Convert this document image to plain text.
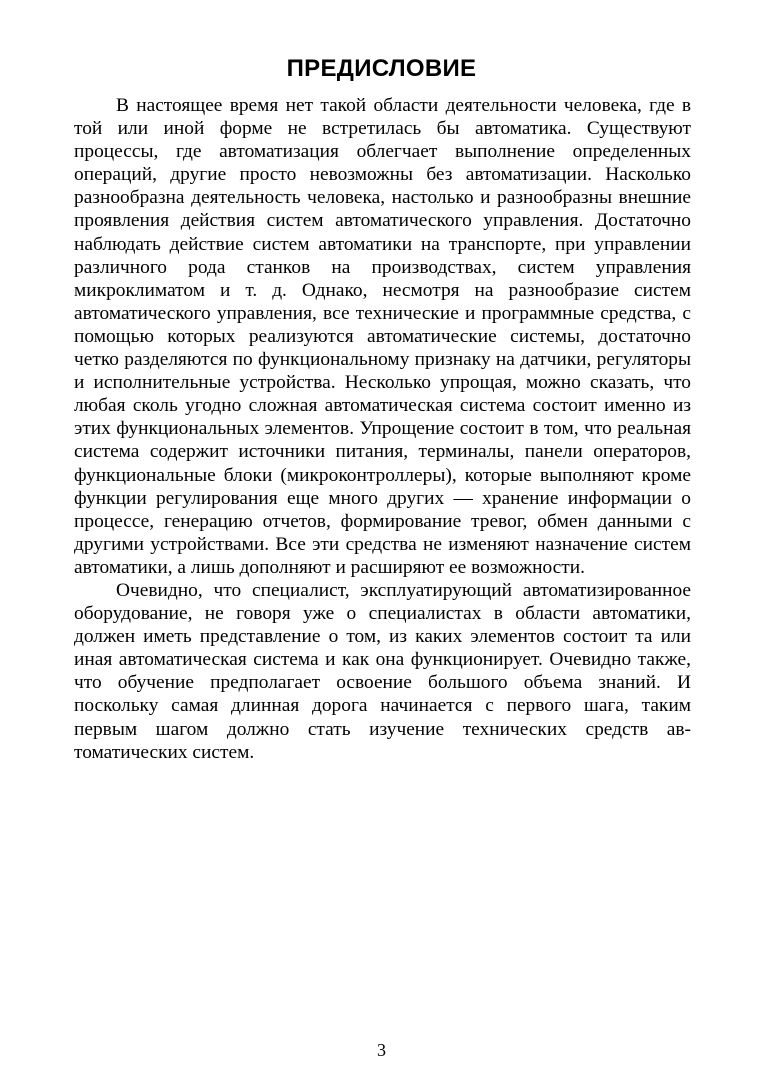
ПРЕДИСЛОВИЕ

В настоящее время нет такой области деятельности человека, где в той или иной форме не встретилась бы автоматика. Существуют процессы, где автоматизация облегчает выполнение определенных операций, другие просто невозможны без автоматизации. Насколько разнообразна деятельность человека, настолько и разнообразны внешние проявления действия систем автоматического управления. Достаточно наблюдать действие систем автоматики на транспорте, при управлении различного рода станков на производствах, систем управления микроклиматом и т. д. Однако, несмотря на разнообразие систем автоматического управления, все технические и программные средства, с помощью которых реализуются автоматические системы, достаточно четко разделяются по функциональному признаку на датчики, регуляторы и исполнительные устройства. Несколько упрощая, можно сказать, что любая сколь угодно сложная автоматическая система состоит именно из этих функциональных элементов. Упрощение состоит в том, что реальная система содержит источники питания, терминалы, панели операторов, функциональные блоки (микроконтроллеры), которые выполняют кроме функции регулирования еще много других — хранение информации о процессе, генерацию отчетов, формирование тревог, обмен данными с другими устройствами. Все эти средства не изменяют назначение систем автоматики, а лишь дополняют и расширяют ее возможности.

Очевидно, что специалист, эксплуатирующий автоматизированное оборудование, не говоря уже о специалистах в области автоматики, должен иметь представление о том, из каких элементов состоит та или иная автоматическая система и как она функционирует. Очевидно также, что обучение предполагает освоение большого объема знаний. И поскольку самая длинная дорога начинается с первого шага, таким первым шагом должно стать изучение технических средств автоматических систем.

3
